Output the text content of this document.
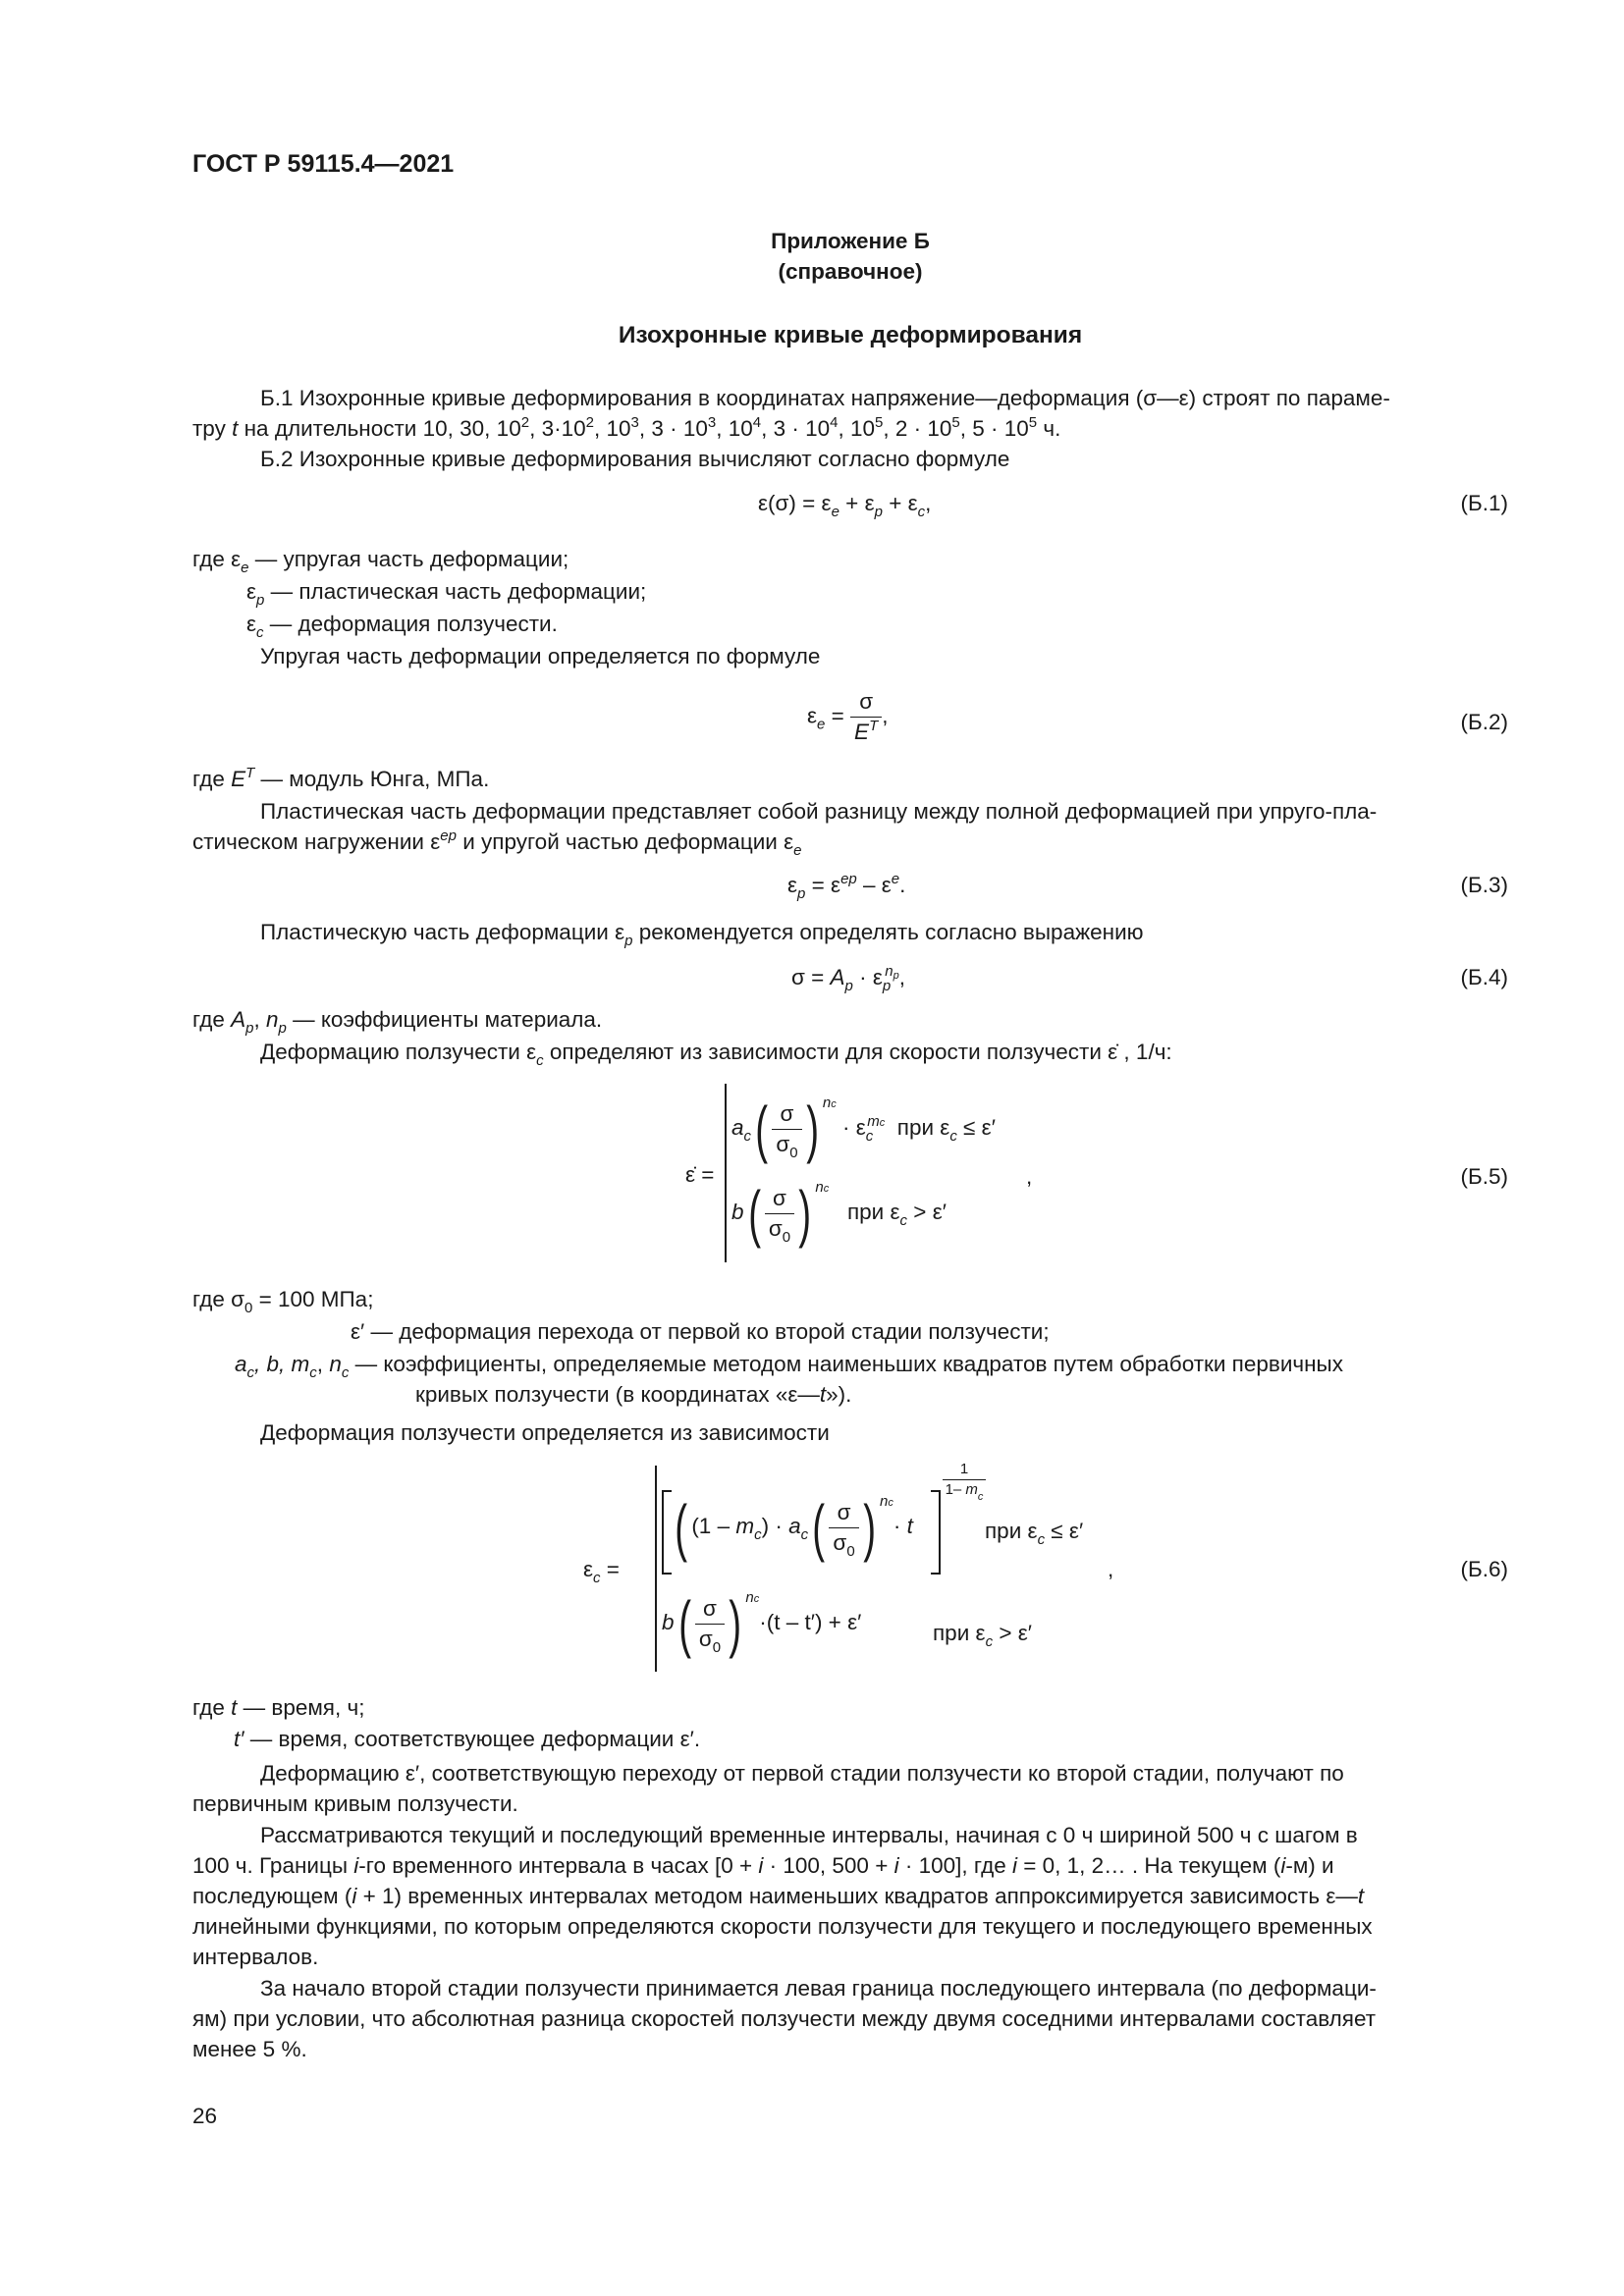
ГОСТ Р 59115.4—2021
Приложение Б
(справочное)
Изохронные кривые деформирования
Б.1 Изохронные кривые деформирования в координатах напряжение—деформация (σ—ε) строят по параме-
тру t на длительности 10, 30, $10^2$, $3\cdot 10^2$, $10^3$, $3 \cdot 10^3$, $10^4$, $3 \cdot 10^4$, $10^5$, $2 \cdot 10^5$, $5 \cdot 10^5$ ч.
Б.2 Изохронные кривые деформирования вычисляют согласно формуле
$\varepsilon(\sigma) = \varepsilon_e + \varepsilon_p + \varepsilon_c$,	(Б.1)
где $\varepsilon_e$ — упругая часть деформации;
$\varepsilon_p$ — пластическая часть деформации;
$\varepsilon_c$ — деформация ползучести.
Упругая часть деформации определяется по формуле
$\varepsilon_e = \frac{\sigma}{E^T}$ ,	(Б.2)
где $E^T$ — модуль Юнга, МПа.
Пластическая часть деформации представляет собой разницу между полной деформацией при упруго-пла-
стическом нагружении $\varepsilon^{ep}$ и упругой частью деформации $\varepsilon_e$
$\varepsilon_p = \varepsilon^{ep} - \varepsilon^e$.	(Б.3)
Пластическую часть деформации $\varepsilon_p$ рекомендуется определять согласно выражению
$\sigma = A_p \cdot \varepsilon_p^{n_p}$,	(Б.4)
где $A_p$, $n_p$ — коэффициенты материала.
Деформацию ползучести $\varepsilon_c$ определяют из зависимости для скорости ползучести ε̇ , 1/ч:
ε̇ =
$a_c( \frac{\sigma}{\sigma_0}$ ) $^{nc} \cdot \varepsilon_c^{mc}$ при $\varepsilon_c \le \varepsilon'$
$b( \frac{\sigma}{\sigma_0}$ ) $^{nc}$   при $\varepsilon_c > \varepsilon'$
,	(Б.5)
где $\sigma_0 = 100$ МПа;
ε′ — деформация перехода от первой ко второй стадии ползучести;
$a_c$, b, $m_c$, $n_c$ — коэффициенты, определяемые методом наименьших квадратов путем обработки первичных
кривых ползучести (в координатах «ε—t»).
Деформация ползучести определяется из зависимости
$\varepsilon_c$ =
( $(1 - m_c) \cdot a_c( \frac{\sigma}{\sigma_0}$ ) $^{nc}$· t
1
1– $m_c$
при $\varepsilon_c \le \varepsilon'$
,
$b( \frac{\sigma}{\sigma_0}$ ) $^{nc}$·(t – t′) + ε′	при $\varepsilon_c > \varepsilon'$
(Б.6)
где t — время, ч;
t′ — время, соответствующее деформации ε′.
Деформацию ε′, соответствующую переходу от первой стадии ползучести ко второй стадии, получают по
первичным кривым ползучести.
Рассматриваются текущий и последующий временные интервалы, начиная с 0 ч шириной 500 ч с шагом в
100 ч. Границы i-го временного интервала в часах [0 + i · 100, 500 + i · 100], где i = 0, 1, 2… . На текущем (i-м) и
последующем (i + 1) временных интервалах методом наименьших квадратов аппроксимируется зависимость ε—t
линейными функциями, по которым определяются скорости ползучести для текущего и последующего временных
интервалов.
За начало второй стадии ползучести принимается левая граница последующего интервала (по деформаци-
ям) при условии, что абсолютная разница скоростей ползучести между двумя соседними интервалами составляет
менее 5 %.
26
